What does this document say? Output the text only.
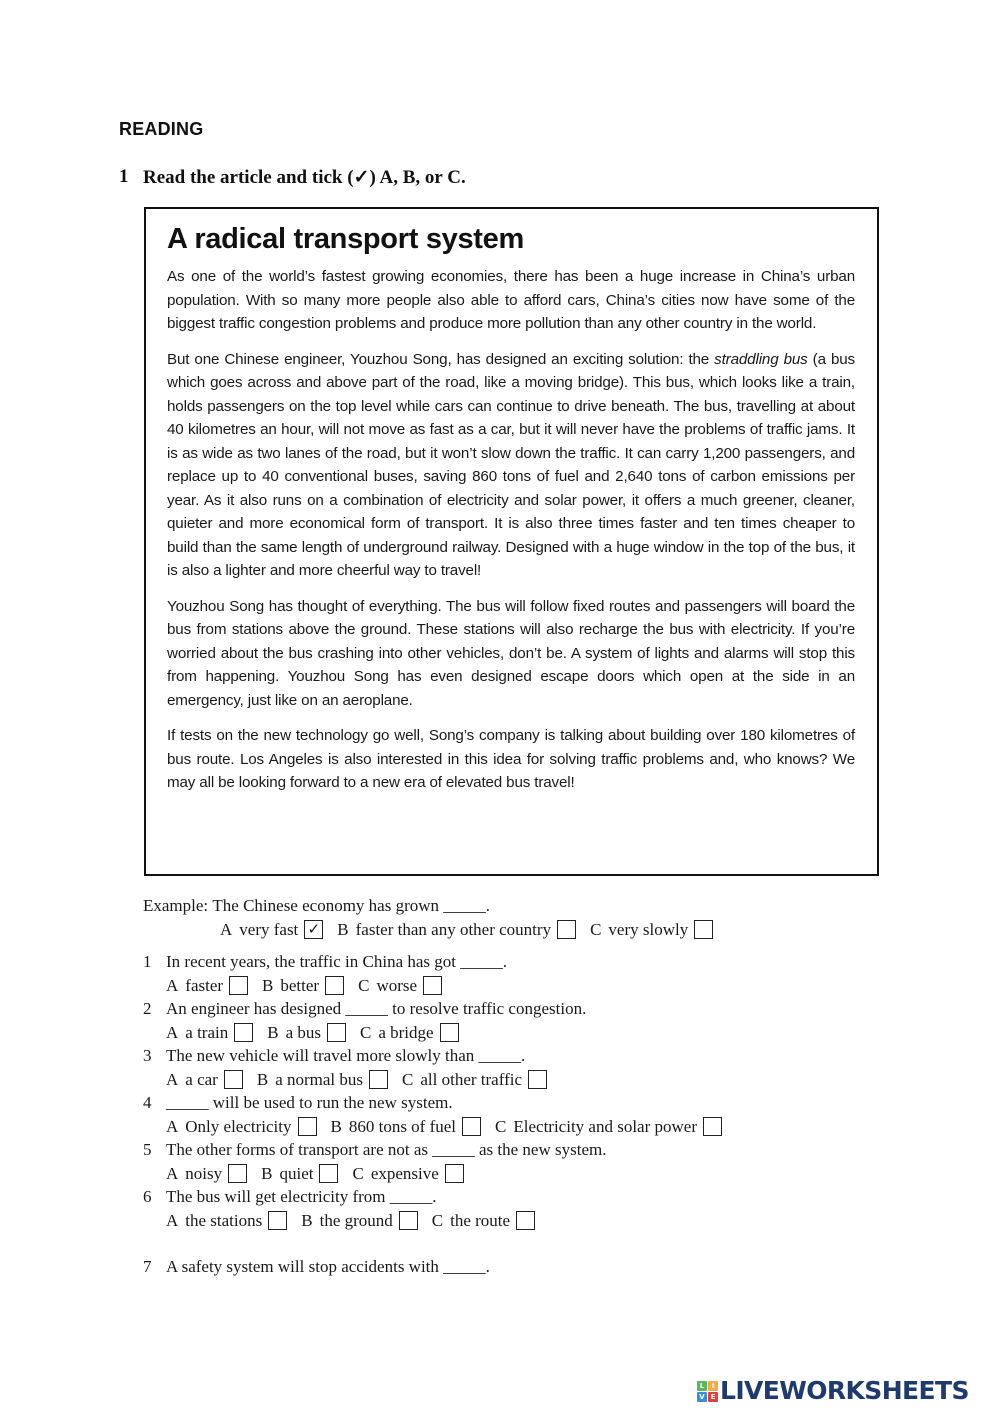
READING
1 Read the article and tick (✓) A, B, or C.
A radical transport system

As one of the world’s fastest growing economies, there has been a huge increase in China’s urban population. With so many more people also able to afford cars, China’s cities now have some of the biggest traffic congestion problems and produce more pollution than any other country in the world.

But one Chinese engineer, Youzhou Song, has designed an exciting solution: the straddling bus (a bus which goes across and above part of the road, like a moving bridge). This bus, which looks like a train, holds passengers on the top level while cars can continue to drive beneath. The bus, travelling at about 40 kilometres an hour, will not move as fast as a car, but it will never have the problems of traffic jams. It is as wide as two lanes of the road, but it won’t slow down the traffic. It can carry 1,200 passengers, and replace up to 40 conventional buses, saving 860 tons of fuel and 2,640 tons of carbon emissions per year. As it also runs on a combination of electricity and solar power, it offers a much greener, cleaner, quieter and more economical form of transport. It is also three times faster and ten times cheaper to build than the same length of underground railway. Designed with a huge window in the top of the bus, it is also a lighter and more cheerful way to travel!

Youzhou Song has thought of everything. The bus will follow fixed routes and passengers will board the bus from stations above the ground. These stations will also recharge the bus with electricity. If you’re worried about the bus crashing into other vehicles, don’t be. A system of lights and alarms will stop this from happening. Youzhou Song has even designed escape doors which open at the side in an emergency, just like on an aeroplane.

If tests on the new technology go well, Song’s company is talking about building over 180 kilometres of bus route. Los Angeles is also interested in this idea for solving traffic problems and, who knows? We may all be looking forward to a new era of elevated bus travel!

Example:
The Chinese economy has grown _____.
A very fast ✓ B faster than any other country C very slowly
1 In recent years, the traffic in China has got _____.
A faster B better C worse
2 An engineer has designed _____ to resolve traffic congestion.
A a train B a bus C a bridge
3 The new vehicle will travel more slowly than _____.
A a car B a normal bus C all other traffic
4 _____ will be used to run the new system.
A Only electricity B 860 tons of fuel C Electricity and solar power
5 The other forms of transport are not as _____ as the new system.
A noisy B quiet C expensive
6 The bus will get electricity from _____.
A the stations B the ground C the route
7 A safety system will stop accidents with _____.
L	I
V E LIVEWORKSHEETS
